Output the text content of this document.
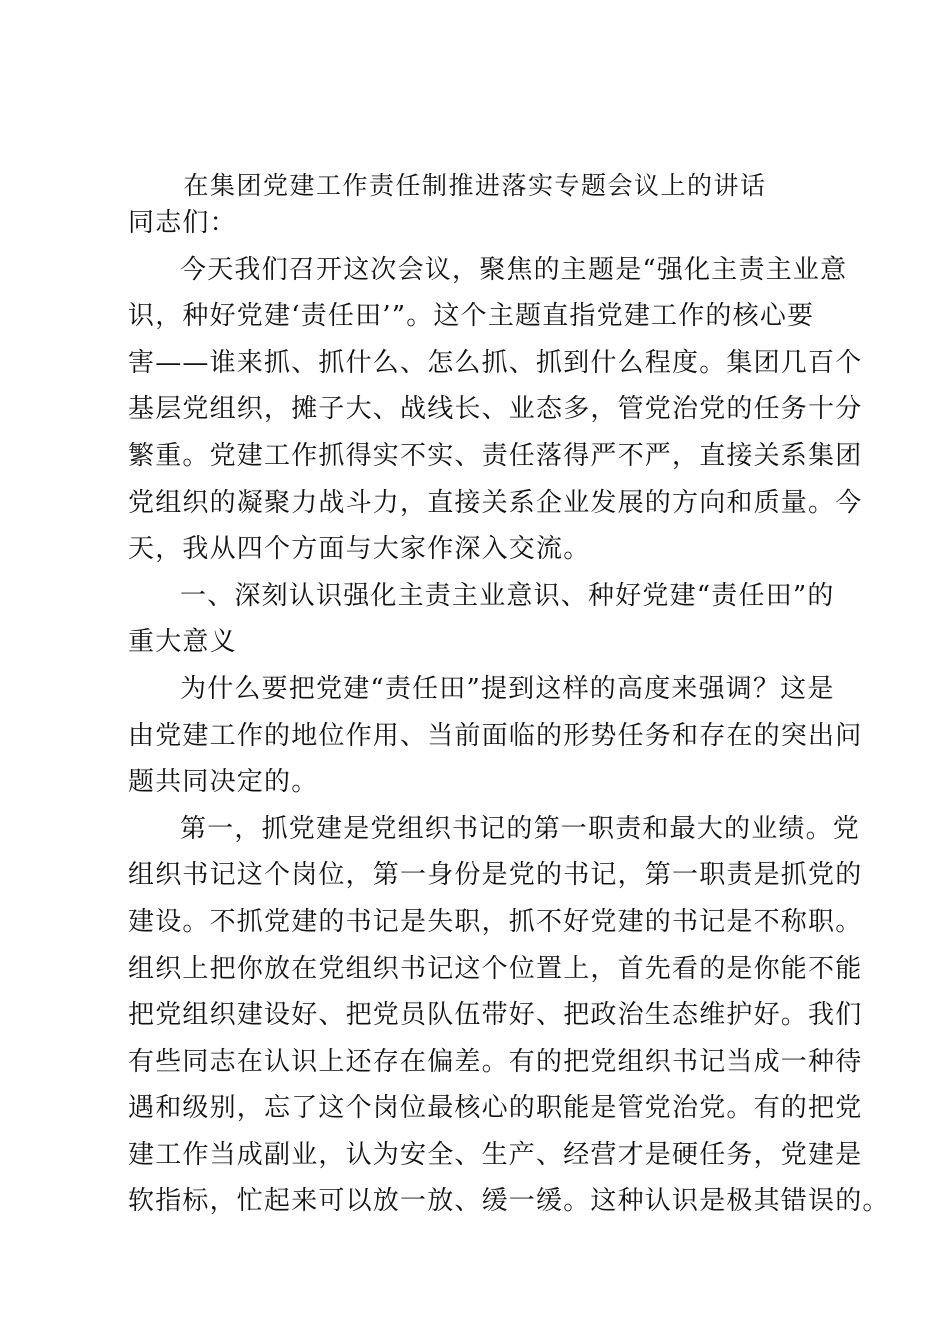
在集团党建工作责任制推进落实专题会议上的讲话
同志们：
今天我们召开这次会议，聚焦的主题是“强化主责主业意
识，种好党建‘责任田’”。这个主题直指党建工作的核心要
害——谁来抓、抓什么、怎么抓、抓到什么程度。集团几百个
基层党组织，摊子大、战线长、业态多，管党治党的任务十分
繁重。党建工作抓得实不实、责任落得严不严，直接关系集团
党组织的凝聚力战斗力，直接关系企业发展的方向和质量。今
天，我从四个方面与大家作深入交流。
一、深刻认识强化主责主业意识、种好党建“责任田”的
重大意义
为什么要把党建“责任田”提到这样的高度来强调？这是
由党建工作的地位作用、当前面临的形势任务和存在的突出问
题共同决定的。
第一，抓党建是党组织书记的第一职责和最大的业绩。党
组织书记这个岗位，第一身份是党的书记，第一职责是抓党的
建设。不抓党建的书记是失职，抓不好党建的书记是不称职。
组织上把你放在党组织书记这个位置上，首先看的是你能不能
把党组织建设好、把党员队伍带好、把政治生态维护好。我们
有些同志在认识上还存在偏差。有的把党组织书记当成一种待
遇和级别，忘了这个岗位最核心的职能是管党治党。有的把党
建工作当成副业，认为安全、生产、经营才是硬任务，党建是
软指标，忙起来可以放一放、缓一缓。这种认识是极其错误的。
